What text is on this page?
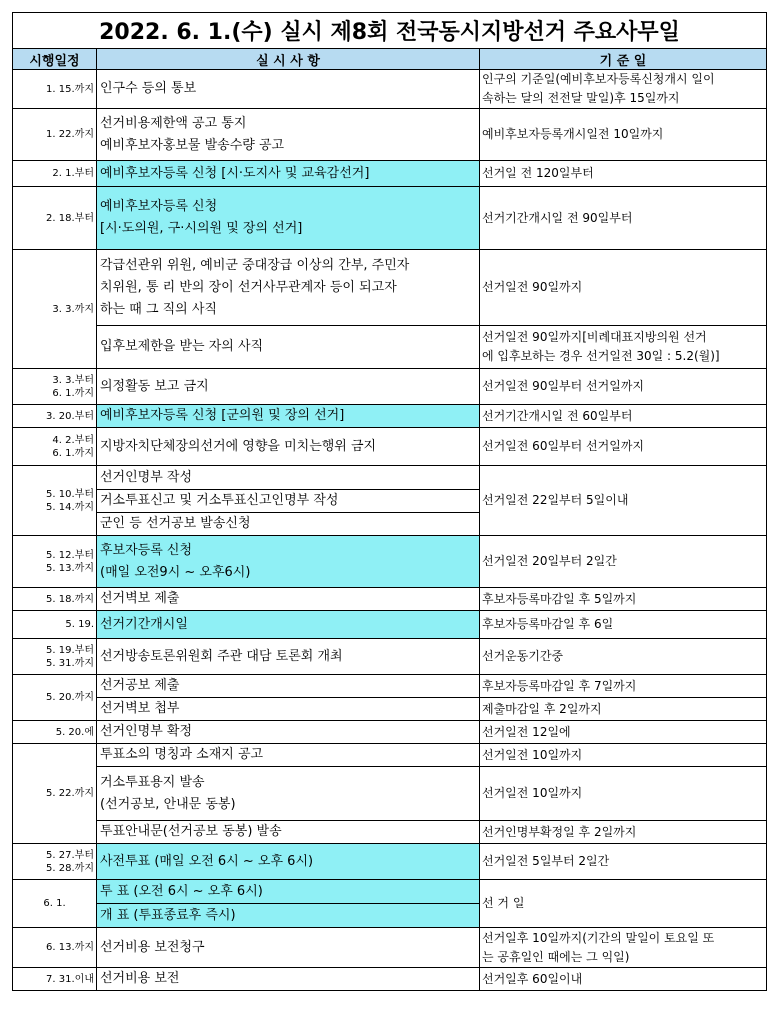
2022. 6. 1.(수) 실시 제8회 전국동시지방선거 주요사무일		
시행일정	실 시 사 항	기 준 일

1. 15.까지	인구수 등의 통보	인구의 기준일(예비후보자등록신청개시 일이
속하는 달의 전전달 말일)후 15일까지

1. 22.까지	선거비용제한액 공고 통지
예비후보자홍보물 발송수량 공고	예비후보자등록개시일전 10일까지

2. 1.부터	예비후보자등록 신청 [시·도지사 및 교육감선거]	선거일 전 120일부터

2. 18.부터	예비후보자등록 신청
[시·도의원, 구·시의원 및 장의 선거]	선거기간개시일 전 90일부터

3. 3.까지	각급선관위 위원, 예비군 중대장급 이상의 간부, 주민자
치위원, 통 리 반의 장이 선거사무관계자 등이 되고자
하는 때 그 직의 사직	선거일전 90일까지

	입후보제한을 받는 자의 사직	선거일전 90일까지[비례대표지방의원 선거
에 입후보하는 경우 선거일전 30일 : 5.2(월)]

3. 3.부터
6. 1.까지	의정활동 보고 금지	선거일전 90일부터 선거일까지

3. 20.부터	예비후보자등록 신청 [군의원 및 장의 선거]	선거기간개시일 전 60일부터

4. 2.부터
6. 1.까지	지방자치단체장의선거에 영향을 미치는행위 금지	선거일전 60일부터 선거일까지

5. 10.부터
5. 14.까지	선거인명부 작성	선거일전 22일부터 5일이내

	거소투표신고 및 거소투표신고인명부 작성	

	군인 등 선거공보 발송신청	

5. 12.부터
5. 13.까지	후보자등록 신청
(매일 오전9시 ~ 오후6시)	선거일전 20일부터 2일간

5. 18.까지	선거벽보 제출	후보자등록마감일 후 5일까지

5. 19.	선거기간개시일	후보자등록마감일 후 6일

5. 19.부터
5. 31.까지	선거방송토론위원회 주관 대담 토론회 개최	선거운동기간중

5. 20.까지	선거공보 제출	후보자등록마감일 후 7일까지

	선거벽보 첩부	제출마감일 후 2일까지

5. 20.에	선거인명부 확정	선거일전 12일에

5. 22.까지	투표소의 명칭과 소재지 공고	선거일전 10일까지

	거소투표용지 발송
(선거공보, 안내문 동봉)	선거일전 10일까지

	투표안내문(선거공보 동봉) 발송	선거인명부확정일 후 2일까지

5. 27.부터
5. 28.까지	사전투표 (매일 오전 6시 ~ 오후 6시)	선거일전 5일부터 2일간

6. 1.	투 표 (오전 6시 ~ 오후 6시)	선 거 일

	개 표 (투표종료후 즉시)	

6. 13.까지	선거비용 보전청구	선거일후 10일까지(기간의 말일이 토요일 또
는 공휴일인 때에는 그 익일)

7. 31.이내	선거비용 보전	선거일후 60일이내
